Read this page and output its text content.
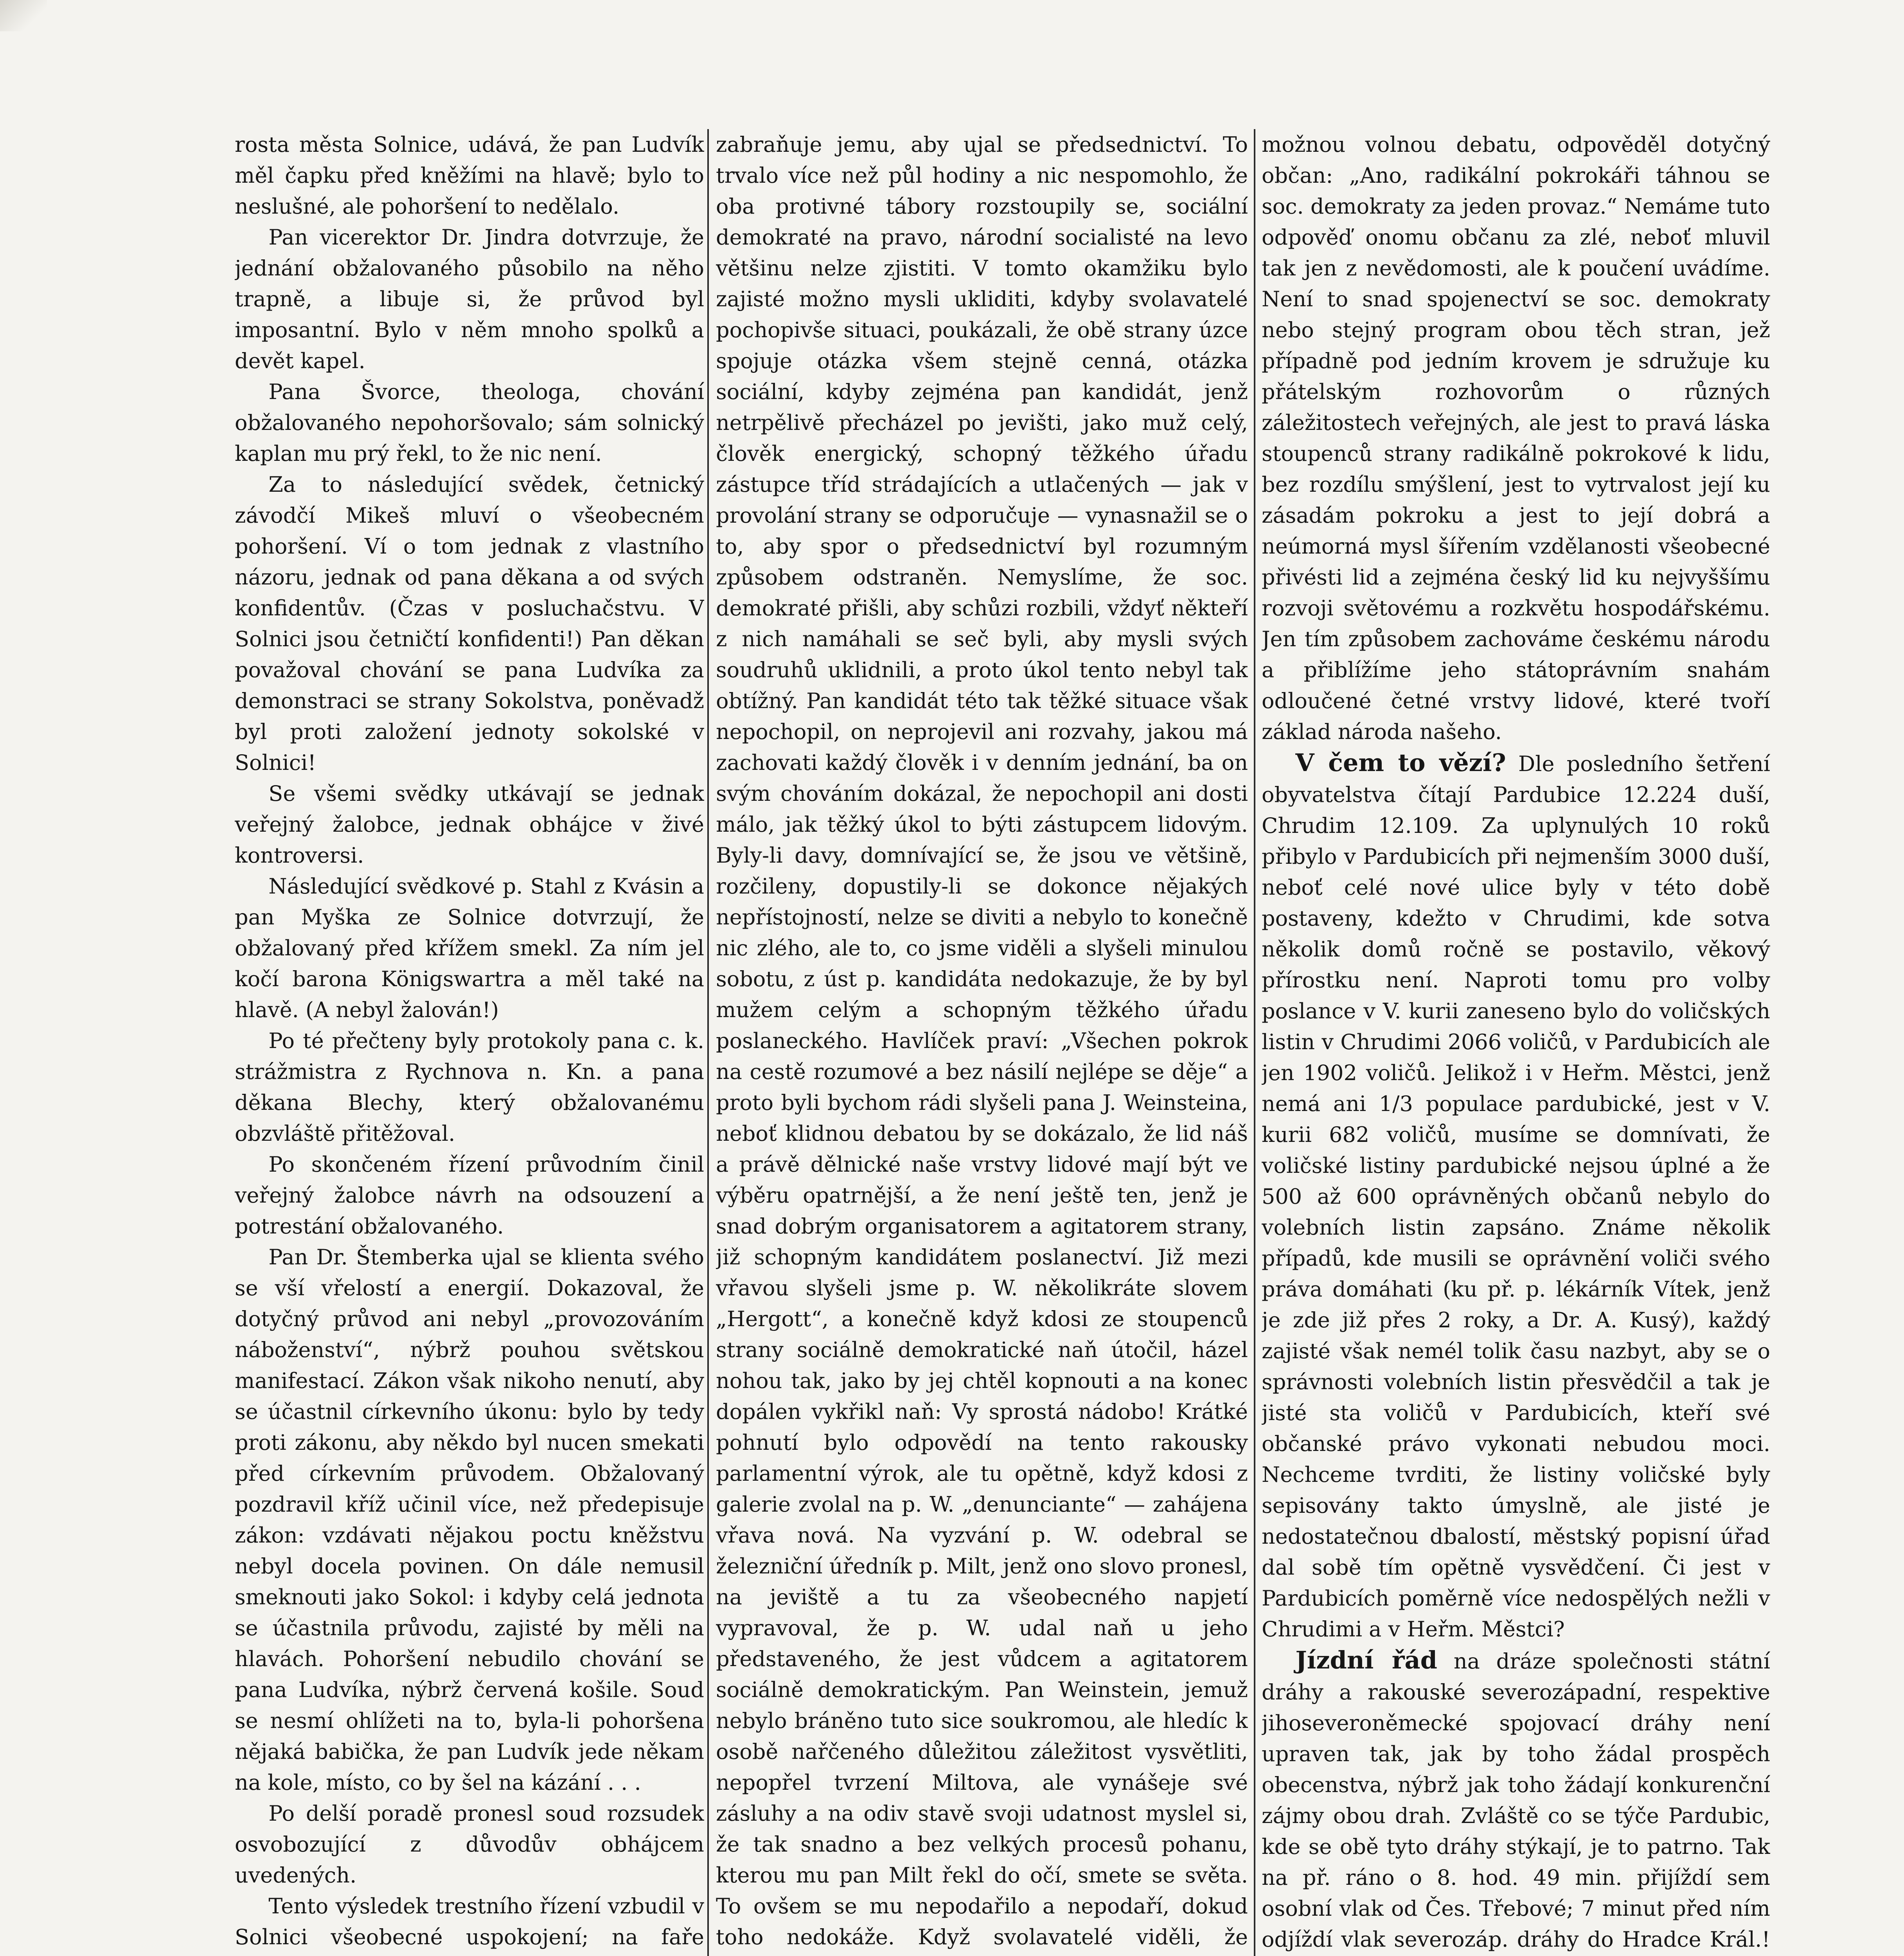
rosta města Solnice, udává, že pan Ludvík měl čapku před kněžími na hlavě; bylo to neslušné, ale pohoršení to nedělalo.

Pan vicerektor Dr. Jindra dotvrzuje, že jednání obžalovaného působilo na něho trapně, a libuje si, že průvod byl imposantní. Bylo v něm mnoho spolků a devět kapel.

Pana Švorce, theologa, chování obžalovaného nepohoršovalo; sám solnický kaplan mu prý řekl, to že nic není.

Za to následující svědek, četnický závodčí Mikeš mluví o všeobecném pohoršení. Ví o tom jednak z vlastního názoru, jednak od pana děkana a od svých konfidentův. (Čzas v posluchačstvu. V Solnici jsou četničtí konfidenti!) Pan děkan považoval chování se pana Ludvíka za demonstraci se strany Sokolstva, poněvadž byl proti založení jednoty sokolské v Solnici!

Se všemi svědky utkávají se jednak veřejný žalobce, jednak obhájce v živé kontroversi.

Následující svědkové p. Stahl z Kvásin a pan Myška ze Solnice dotvrzují, že obžalovaný před křížem smekl. Za ním jel kočí barona Königswartra a měl také na hlavě. (A nebyl žalován!)

Po té přečteny byly protokoly pana c. k. strážmistra z Rychnova n. Kn. a pana děkana Blechy, který obžalovanému obzvláště přitěžoval.

Po skončeném řízení průvodním činil veřejný žalobce návrh na odsouzení a potrestání obžalovaného.

Pan Dr. Štemberka ujal se klienta svého se vší vřelostí a energií. Dokazoval, že dotyčný průvod ani nebyl „provozováním náboženství“, nýbrž pouhou světskou manifestací. Zákon však nikoho nenutí, aby se účastnil církevního úkonu: bylo by tedy proti zákonu, aby někdo byl nucen smekati před církevním průvodem. Obžalovaný pozdravil kříž učinil více, než předepisuje zákon: vzdávati nějakou poctu kněžstvu nebyl docela povinen. On dále nemusil smeknouti jako Sokol: i kdyby celá jednota se účastnila průvodu, zajisté by měli na hlavách. Pohoršení nebudilo chování se pana Ludvíka, nýbrž červená košile. Soud se nesmí ohlížeti na to, byla-li pohoršena nějaká babička, že pan Ludvík jede někam na kole, místo, co by šel na kázání . . .

Po delší poradě pronesl soud rozsudek osvobozující z důvodův obhájcem uvedených.

Tento výsledek trestního řízení vzbudil v Solnici všeobecné uspokojení; na faře

zabraňuje jemu, aby ujal se předsednictví. To trvalo více než půl hodiny a nic nespomohlo, že oba protivné tábory rozstoupily se, sociální demokraté na pravo, národní socialisté na levo většinu nelze zjistiti. V tomto okamžiku bylo zajisté možno mysli ukliditi, kdyby svolavatelé pochopivše situaci, poukázali, že obě strany úzce spojuje otázka všem stejně cenná, otázka sociální, kdyby zejména pan kandidát, jenž netrpělivě přecházel po jevišti, jako muž celý, člověk energický, schopný těžkého úřadu zástupce tříd strádajících a utlačených — jak v provolání strany se odporučuje — vynasnažil se o to, aby spor o předsednictví byl rozumným způsobem odstraněn. Nemyslíme, že soc. demokraté přišli, aby schůzi rozbili, vždyť někteří z nich namáhali se seč byli, aby mysli svých soudruhů uklidnili, a proto úkol tento nebyl tak obtížný. Pan kandidát této tak těžké situace však nepochopil, on neprojevil ani rozvahy, jakou má zachovati každý člověk i v denním jednání, ba on svým chováním dokázal, že nepochopil ani dosti málo, jak těžký úkol to býti zástupcem lidovým. Byly-li davy, domnívající se, že jsou ve většině, rozčileny, dopustily-li se dokonce nějakých nepřístojností, nelze se diviti a nebylo to konečně nic zlého, ale to, co jsme viděli a slyšeli minulou sobotu, z úst p. kandidáta nedokazuje, že by byl mužem celým a schopným těžkého úřadu poslaneckého. Havlíček praví: „Všechen pokrok na cestě rozumové a bez násilí nejlépe se děje“ a proto byli bychom rádi slyšeli pana J. Weinsteina, neboť klidnou debatou by se dokázalo, že lid náš a právě dělnické naše vrstvy lidové mají být ve výběru opatrnější, a že není ještě ten, jenž je snad dobrým organisatorem a agitatorem strany, již schopným kandidátem poslanectví. Již mezi vřavou slyšeli jsme p. W. několikráte slovem „Hergott“, a konečně když kdosi ze stoupenců strany sociálně demokratické naň útočil, házel nohou tak, jako by jej chtěl kopnouti a na konec dopálen vykřikl naň: Vy sprostá nádobo! Krátké pohnutí bylo odpovědí na tento rakousky parlamentní výrok, ale tu opětně, když kdosi z galerie zvolal na p. W. „denunciante“ — zahájena vřava nová. Na vyzvání p. W. odebral se železniční úředník p. Milt, jenž ono slovo pronesl, na jeviště a tu za všeobecného napjetí vypravoval, že p. W. udal naň u jeho představeného, že jest vůdcem a agitatorem sociálně demokratickým. Pan Weinstein, jemuž nebylo bráněno tuto sice soukromou, ale hledíc k osobě nařčeného důležitou záležitost vysvětliti, nepopřel tvrzení Miltova, ale vynášeje své zásluhy a na odiv stavě svoji udatnost myslel si, že tak snadno a bez velkých procesů pohanu, kterou mu pan Milt řekl do očí, smete se světa. To ovšem se mu nepodařilo a nepodaří, dokud toho nedokáže. Když svolavatelé viděli, že

možnou volnou debatu, odpověděl dotyčný občan: „Ano, radikální pokrokáři táhnou se soc. demokraty za jeden provaz.“ Nemáme tuto odpověď onomu občanu za zlé, neboť mluvil tak jen z nevědomosti, ale k poučení uvádíme. Není to snad spojenectví se soc. demokraty nebo stejný program obou těch stran, jež případně pod jedním krovem je sdružuje ku přátelským rozhovorům o různých záležitostech veřejných, ale jest to pravá láska stoupenců strany radikálně pokrokové k lidu, bez rozdílu smýšlení, jest to vytrvalost její ku zásadám pokroku a jest to její dobrá a neúmorná mysl šířením vzdělanosti všeobecné přivésti lid a zejména český lid ku nejvyššímu rozvoji světovému a rozkvětu hospodářskému. Jen tím způsobem zachováme českému národu a přiblížíme jeho státoprávním snahám odloučené četné vrstvy lidové, které tvoří základ národa našeho.

V čem to vězí? Dle posledního šetření obyvatelstva čítají Pardubice 12.224 duší, Chrudim 12.109. Za uplynulých 10 roků přibylo v Pardubicích při nejmenším 3000 duší, neboť celé nové ulice byly v této době postaveny, kdežto v Chrudimi, kde sotva několik domů ročně se postavilo, věkový přírostku není. Naproti tomu pro volby poslance v V. kurii zaneseno bylo do voličských listin v Chrudimi 2066 voličů, v Pardubicích ale jen 1902 voličů. Jelikož i v Heřm. Městci, jenž nemá ani 1/3 populace pardubické, jest v V. kurii 682 voličů, musíme se domnívati, že voličské listiny pardubické nejsou úplné a že 500 až 600 oprávněných občanů nebylo do volebních listin zapsáno. Známe několik případů, kde musili se oprávnění voliči svého práva domáhati (ku př. p. lékárník Vítek, jenž je zde již přes 2 roky, a Dr. A. Kusý), každý zajisté však nemél tolik času nazbyt, aby se o správnosti volebních listin přesvědčil a tak je jisté sta voličů v Pardubicích, kteří své občanské právo vykonati nebudou moci. Nechceme tvrditi, že listiny voličské byly sepisovány takto úmyslně, ale jisté je nedostatečnou dbalostí, městský popisní úřad dal sobě tím opětně vysvědčení. Či jest v Pardubicích poměrně více nedospělých nežli v Chrudimi a v Heřm. Městci?

Jízdní řád na dráze společnosti státní dráhy a rakouské severozápadní, respektive jihoseveroněmecké spojovací dráhy není upraven tak, jak by toho žádal prospěch obecenstva, nýbrž jak toho žádají konkurenční zájmy obou drah. Zvláště co se týče Pardubic, kde se obě tyto dráhy stýkají, je to patrno. Tak na př. ráno o 8. hod. 49 min. přijíždí sem osobní vlak od Čes. Třebové; 7 minut před ním odjíždí vlak severozáp. dráhy do Hradce Král.!
